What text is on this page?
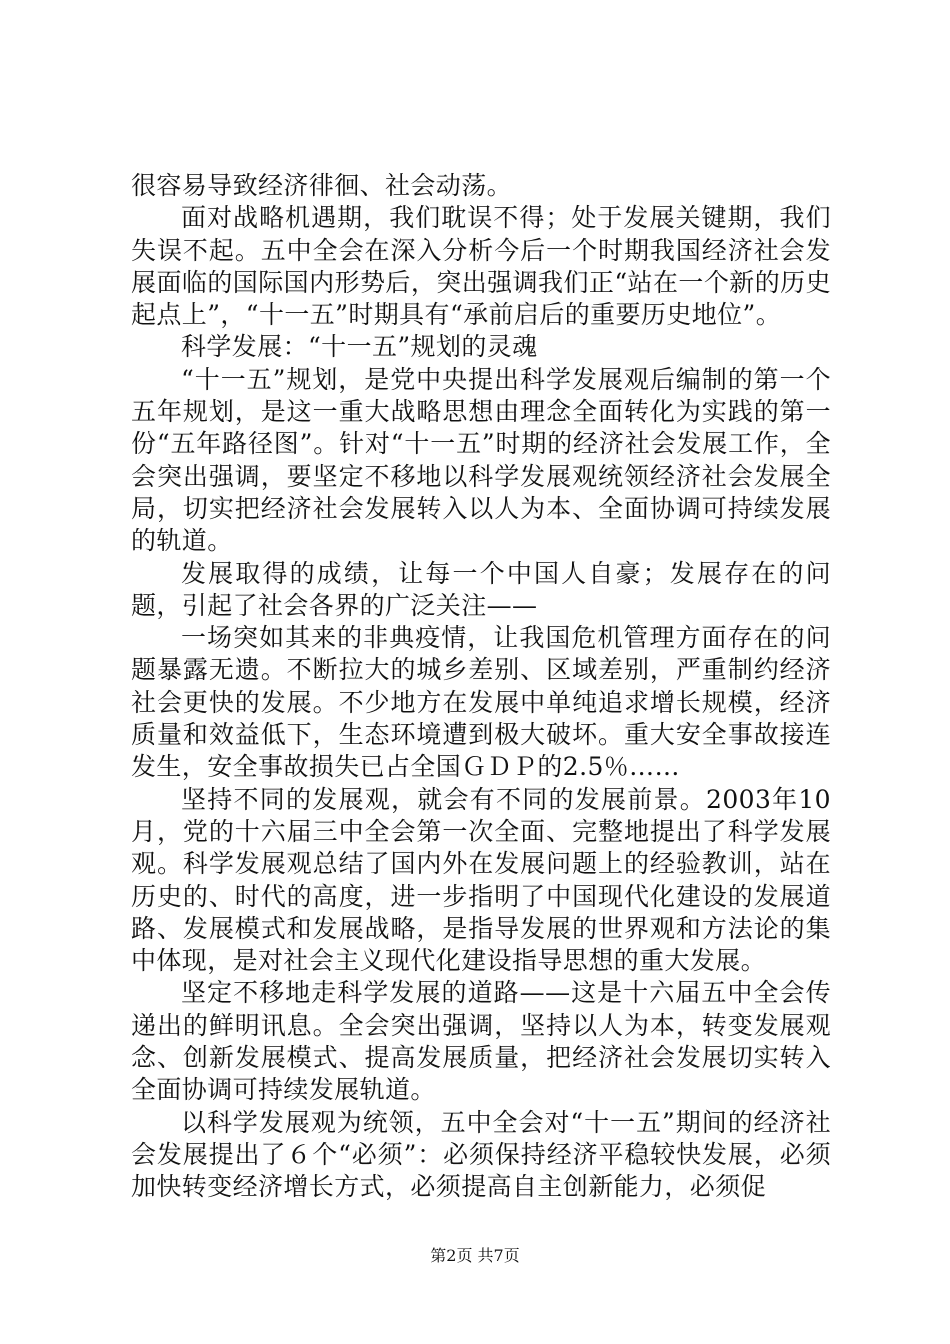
很容易导致经济徘徊、社会动荡。

面对战略机遇期，我们耽误不得；处于发展关键期，我们失误不起。五中全会在深入分析今后一个时期我国经济社会发展面临的国际国内形势后，突出强调我们正“站在一个新的历史起点上”，“十一五”时期具有“承前启后的重要历史地位”。

科学发展：“十一五”规划的灵魂

“十一五”规划，是党中央提出科学发展观后编制的第一个五年规划，是这一重大战略思想由理念全面转化为实践的第一份“五年路径图”。针对“十一五”时期的经济社会发展工作，全会突出强调，要坚定不移地以科学发展观统领经济社会发展全局，切实把经济社会发展转入以人为本、全面协调可持续发展的轨道。

发展取得的成绩，让每一个中国人自豪；发展存在的问题，引起了社会各界的广泛关注——

一场突如其来的非典疫情，让我国危机管理方面存在的问题暴露无遗。不断拉大的城乡差别、区域差别，严重制约经济社会更快的发展。不少地方在发展中单纯追求增长规模，经济质量和效益低下，生态环境遭到极大破坏。重大安全事故接连发生，安全事故损失已占全国ＧＤＰ的2.5％……

坚持不同的发展观，就会有不同的发展前景。2003年10月，党的十六届三中全会第一次全面、完整地提出了科学发展观。科学发展观总结了国内外在发展问题上的经验教训，站在历史的、时代的高度，进一步指明了中国现代化建设的发展道路、发展模式和发展战略，是指导发展的世界观和方法论的集中体现，是对社会主义现代化建设指导思想的重大发展。

坚定不移地走科学发展的道路——这是十六届五中全会传递出的鲜明讯息。全会突出强调，坚持以人为本，转变发展观念、创新发展模式、提高发展质量，把经济社会发展切实转入全面协调可持续发展轨道。

以科学发展观为统领，五中全会对“十一五”期间的经济社会发展提出了６个“必须”：必须保持经济平稳较快发展，必须加快转变经济增长方式，必须提高自主创新能力，必须促

第2页 共7页
